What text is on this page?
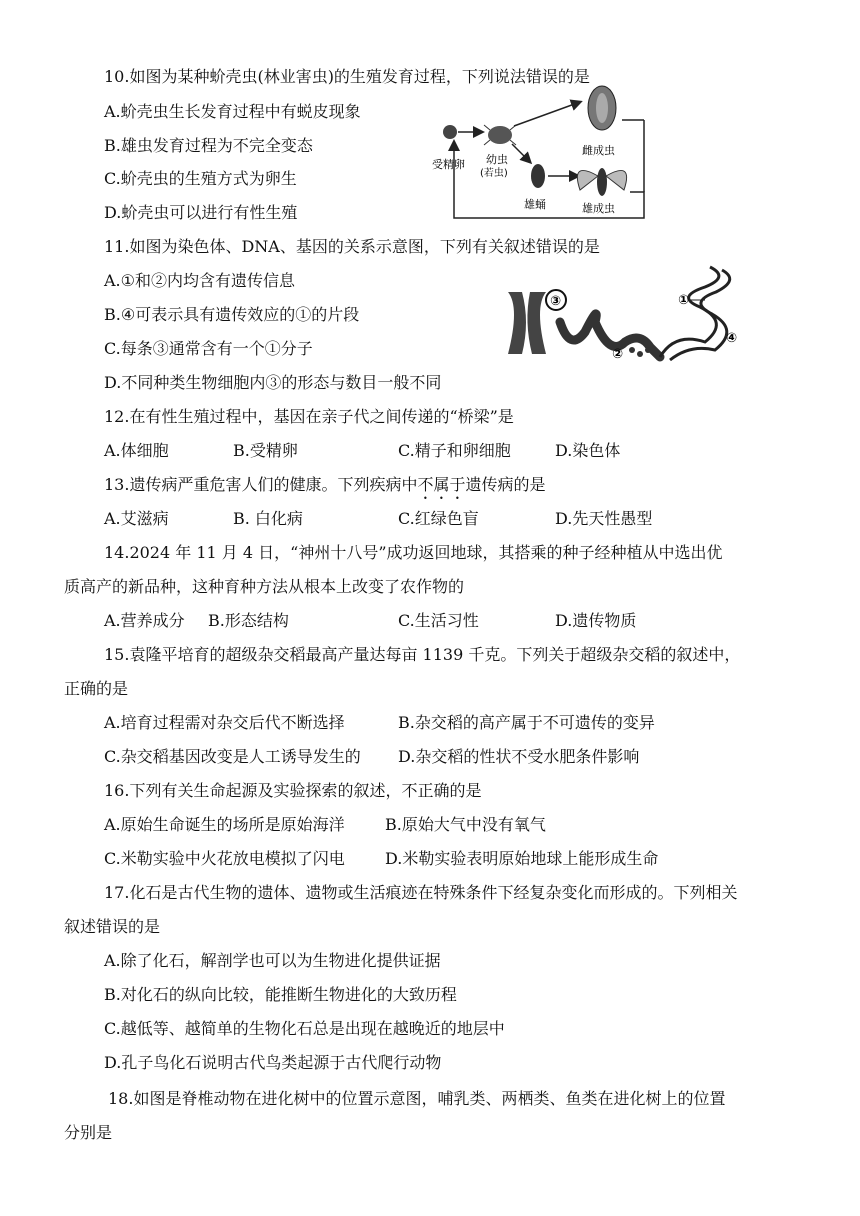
10.如图为某种蚧壳虫(林业害虫)的生殖发育过程，下列说法错误的是
A.蚧壳虫生长发育过程中有蜕皮现象
B.雄虫发育过程为不完全变态
C.蚧壳虫的生殖方式为卵生
D.蚧壳虫可以进行有性生殖
受精卵 幼虫
(若虫)
雄蛹
雌成虫
雄成虫
11.如图为染色体、DNA、基因的关系示意图，下列有关叙述错误的是
A.①和②内均含有遗传信息
B.④可表示具有遗传效应的①的片段
C.每条③通常含有一个①分子
D.不同种类生物细胞内③的形态与数目一般不同
③
②
①
④
12.在有性生殖过程中，基因在亲子代之间传递的“桥梁”是
A.体细胞	B.受精卵	C.精子和卵细胞	D.染色体
13.遗传病严重危害人们的健康。下列疾病中不属于遗传病的是
A.艾滋病	B. 白化病	C.红绿色盲	D.先天性愚型
14.2024 年 11 月 4 日，“神州十八号”成功返回地球，其搭乘的种子经种植从中选出优
质高产的新品种，这种育种方法从根本上改变了农作物的
A.营养成分 B.形态结构	C.生活习性	D.遗传物质
15.袁隆平培育的超级杂交稻最高产量达每亩 1139 千克。下列关于超级杂交稻的叙述中，
正确的是
A.培育过程需对杂交后代不断选择	B.杂交稻的高产属于不可遗传的变异
C.杂交稻基因改变是人工诱导发生的 D.杂交稻的性状不受水肥条件影响
16.下列有关生命起源及实验探索的叙述，不正确的是
A.原始生命诞生的场所是原始海洋	B.原始大气中没有氧气
C.米勒实验中火花放电模拟了闪电	D.米勒实验表明原始地球上能形成生命
17.化石是古代生物的遗体、遗物或生活痕迹在特殊条件下经复杂变化而形成的。下列相关
叙述错误的是
A.除了化石，解剖学也可以为生物进化提供证据
B.对化石的纵向比较，能推断生物进化的大致历程
C.越低等、越简单的生物化石总是出现在越晚近的地层中
D.孔子鸟化石说明古代鸟类起源于古代爬行动物
18.如图是脊椎动物在进化树中的位置示意图，哺乳类、两栖类、鱼类在进化树上的位置
分别是
